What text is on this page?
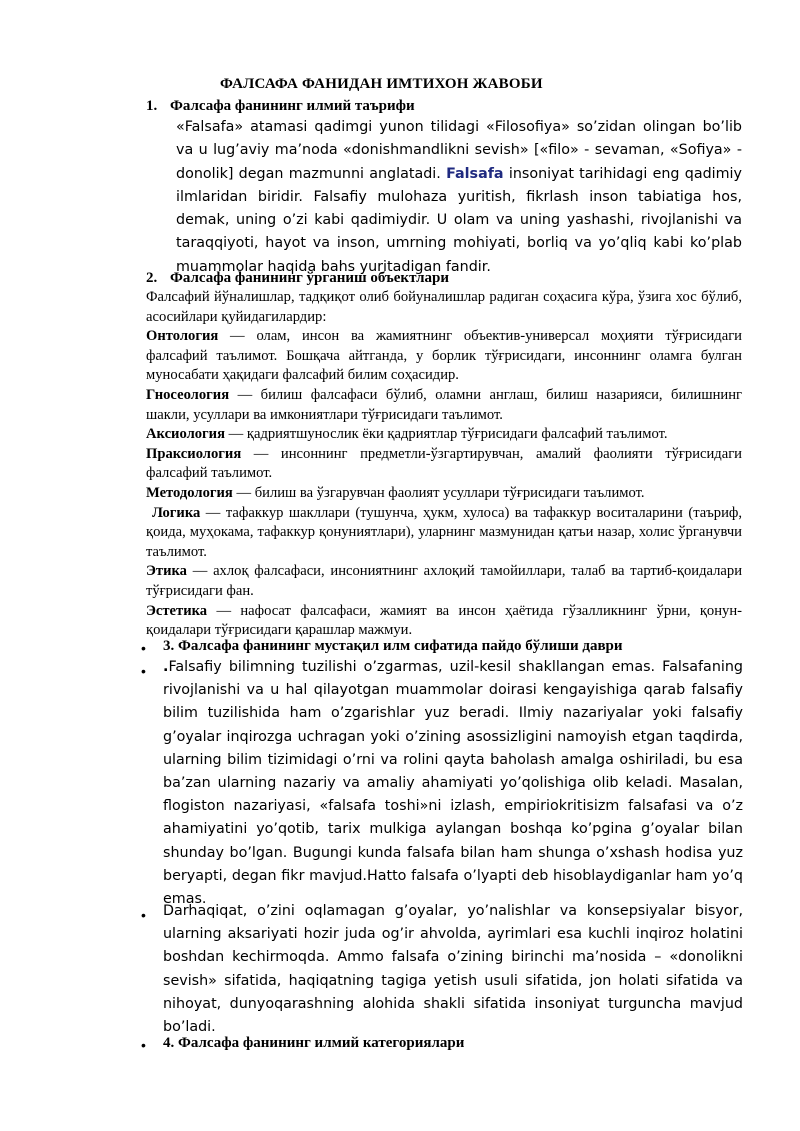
ФАЛСАФА ФАНИДАН ИМТИХОН ЖАВОБИ
1. Фалсафа фанининг илмий таърифи
«Falsafa» atamasi qadimgi yunon tilidagi «Filosofiya» so’zidan olingan bo’lib va u lug’aviy ma’noda «donishmandlikni sevish» [«filo» - sevaman, «Sofiya» - donolik] degan mazmunni anglatadi. Falsafa insoniyat tarihidagi eng qadimiy ilmlaridan biridir. Falsafiy mulohaza yuritish, fikrlash inson tabiatiga hos, demak, uning o’zi kabi qadimiydir. U olam va uning yashashi, rivojlanishi va taraqqiyoti, hayot va inson, umrning mohiyati, borliq va yo’qliq kabi ko’plab muammolar haqida bahs yuritadigan fandir.
2. Фалсафа фанининг ўрганиш объектлари
Фалсафий йўналишлар, тадқиқот олиб бойуналишлар радиган соҳасига кўра, ўзига хос бўлиб, асосийлари қуйидагилардир:
Онтология — олам, инсон ва жамиятнинг объектив-универсал моҳияти тўғрисидаги фалсафий таълимот. Бошқача айтганда, у борлик тўғрисидаги, инсоннинг оламга булган муносабати ҳақидаги фалсафий билим соҳасидир.
Гносеология — билиш фалсафаси бўлиб, оламни англаш, билиш назарияси, билишнинг шакли, усуллари ва имкониятлари тўғрисидаги таълимот.
Аксиология — қадриятшунослик ёки қадриятлар тўғрисидаги фалсафий таълимот.
Праксиология — инсоннинг предметли-ўзгартирувчан, амалий фаолияти тўғрисидаги фалсафий таълимот.
Методология — билиш ва ўзгарувчан фаолият усуллари тўғрисидаги таълимот.
Логика — тафаккур шакллари (тушунча, ҳукм, хулоса) ва тафаккур воситаларини (таъриф, қоида, муҳокама, тафаккур қонуниятлари), уларнинг мазмунидан қатъи назар, холис ўрганувчи таълимот.
Этика — ахлоқ фалсафаси, инсониятнинг ахлоқий тамойиллари, талаб ва тартиб-қоидалари тўғрисидаги фан.
Эстетика — нафосат фалсафаси, жамият ва инсон ҳаётида гўзалликнинг ўрни, қонун-қоидалари тўғрисидаги қарашлар мажмуи.
• 3. Фалсафа фанининг мустақил илм сифатида пайдо бўлиши даври
• .Falsafiy bilimning tuzilishi o’zgarmas, uzil-kesil shakllangan emas. Falsafaning rivojlanishi va u hal qilayotgan muammolar doirasi kengayishiga qarab falsafiy bilim tuzilishida ham o’zgarishlar yuz beradi. Ilmiy nazariyalar yoki falsafiy g’oyalar inqirozga uchragan yoki o’zining asossizligini namoyish etgan taqdirda, ularning bilim tizimidagi o’rni va rolini qayta baholash amalga oshiriladi, bu esa ba’zan ularning nazariy va amaliy ahamiyati yo’qolishiga olib keladi. Masalan, flogiston nazariyasi, «falsafa toshi»ni izlash, empiriokritisizm falsafasi va o’z ahamiyatini yo’qotib, tarix mulkiga aylangan boshqa ko’pgina g’oyalar bilan shunday bo’lgan. Bugungi kunda falsafa bilan ham shunga o’xshash hodisa yuz beryapti, degan fikr mavjud.Hatto falsafa o’lyapti deb hisoblaydiganlar ham yo’q emas.
• Darhaqiqat, o’zini oqlamagan g’oyalar, yo’nalishlar va konsepsiyalar bisyor, ularning aksariyati hozir juda og’ir ahvolda, ayrimlari esa kuchli inqiroz holatini boshdan kechirmoqda. Ammo falsafa o’zining birinchi ma’nosida – «donolikni sevish» sifatida, haqiqatning tagiga yetish usuli sifatida, jon holati sifatida va nihoyat, dunyoqarashning alohida shakli sifatida insoniyat turguncha mavjud bo’ladi.
• 4. Фалсафа фанининг илмий категориялари
